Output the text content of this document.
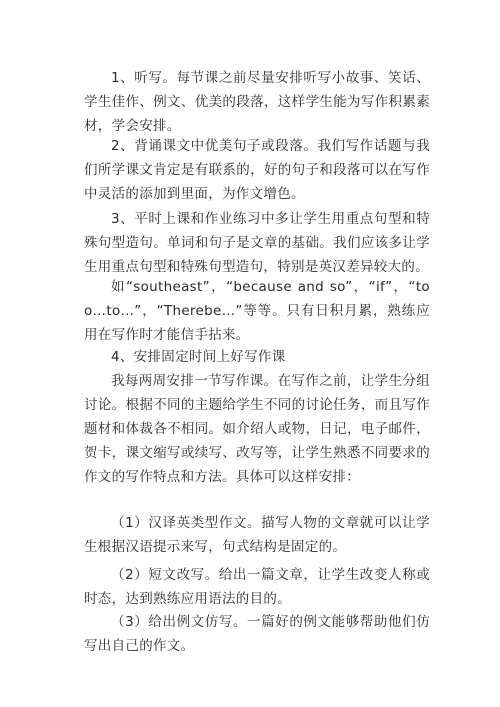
1、听写。每节课之前尽量安排听写小故事、笑话、学生佳作、例文、优美的段落，这样学生能为写作积累素材，学会安排。

2、背诵课文中优美句子或段落。我们写作话题与我们所学课文肯定是有联系的，好的句子和段落可以在写作中灵活的添加到里面，为作文增色。

3、平时上课和作业练习中多让学生用重点句型和特殊句型造句。单词和句子是文章的基础。我们应该多让学生用重点句型和特殊句型造句，特别是英汉差异较大的。

如“southeast”，“because and so”，“if”，“too…to…”，“Therebe…”等等。只有日积月累，熟练应用在写作时才能信手拈来。

4、安排固定时间上好写作课

我每两周安排一节写作课。在写作之前，让学生分组讨论。根据不同的主题给学生不同的讨论任务，而且写作题材和体裁各不相同。如介绍人或物，日记，电子邮件，贺卡，课文缩写或续写、改写等，让学生熟悉不同要求的作文的写作特点和方法。具体可以这样安排：

（1）汉译英类型作文。描写人物的文章就可以让学生根据汉语提示来写，句式结构是固定的。

（2）短文改写。给出一篇文章，让学生改变人称或时态，达到熟练应用语法的目的。

（3）给出例文仿写。一篇好的例文能够帮助他们仿写出自己的作文。
